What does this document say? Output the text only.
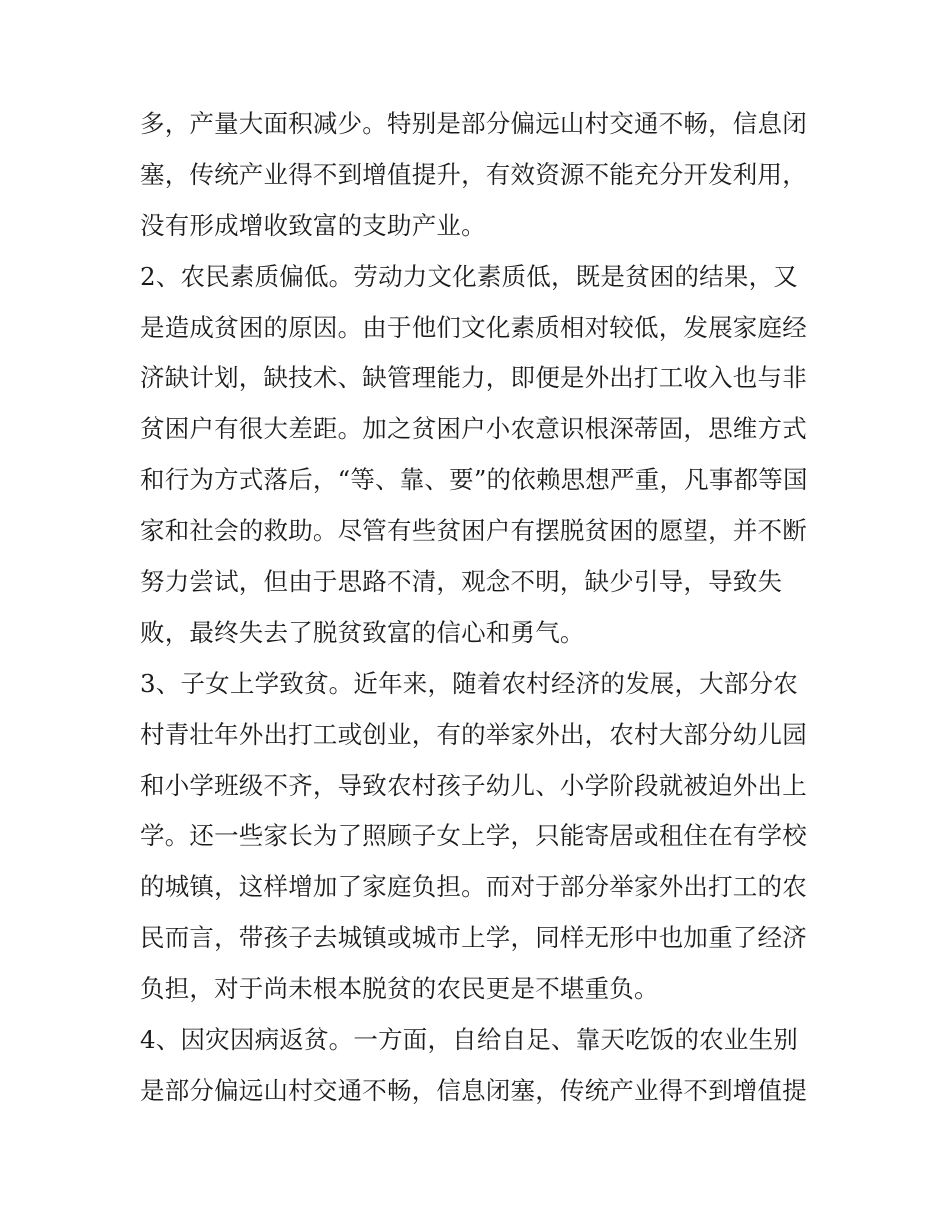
多，产量大面积减少。特别是部分偏远山村交通不畅，信息闭
塞，传统产业得不到增值提升，有效资源不能充分开发利用，
没有形成增收致富的支助产业。
2、农民素质偏低。劳动力文化素质低，既是贫困的结果，又
是造成贫困的原因。由于他们文化素质相对较低，发展家庭经
济缺计划，缺技术、缺管理能力，即便是外出打工收入也与非
贫困户有很大差距。加之贫困户小农意识根深蒂固，思维方式
和行为方式落后，“等、靠、要”的依赖思想严重，凡事都等国
家和社会的救助。尽管有些贫困户有摆脱贫困的愿望，并不断
努力尝试，但由于思路不清，观念不明，缺少引导，导致失
败，最终失去了脱贫致富的信心和勇气。
3、子女上学致贫。近年来，随着农村经济的发展，大部分农
村青壮年外出打工或创业，有的举家外出，农村大部分幼儿园
和小学班级不齐，导致农村孩子幼儿、小学阶段就被迫外出上
学。还一些家长为了照顾子女上学，只能寄居或租住在有学校
的城镇，这样增加了家庭负担。而对于部分举家外出打工的农
民而言，带孩子去城镇或城市上学，同样无形中也加重了经济
负担，对于尚未根本脱贫的农民更是不堪重负。
4、因灾因病返贫。一方面，自给自足、靠天吃饭的农业生别
是部分偏远山村交通不畅，信息闭塞，传统产业得不到增值提
